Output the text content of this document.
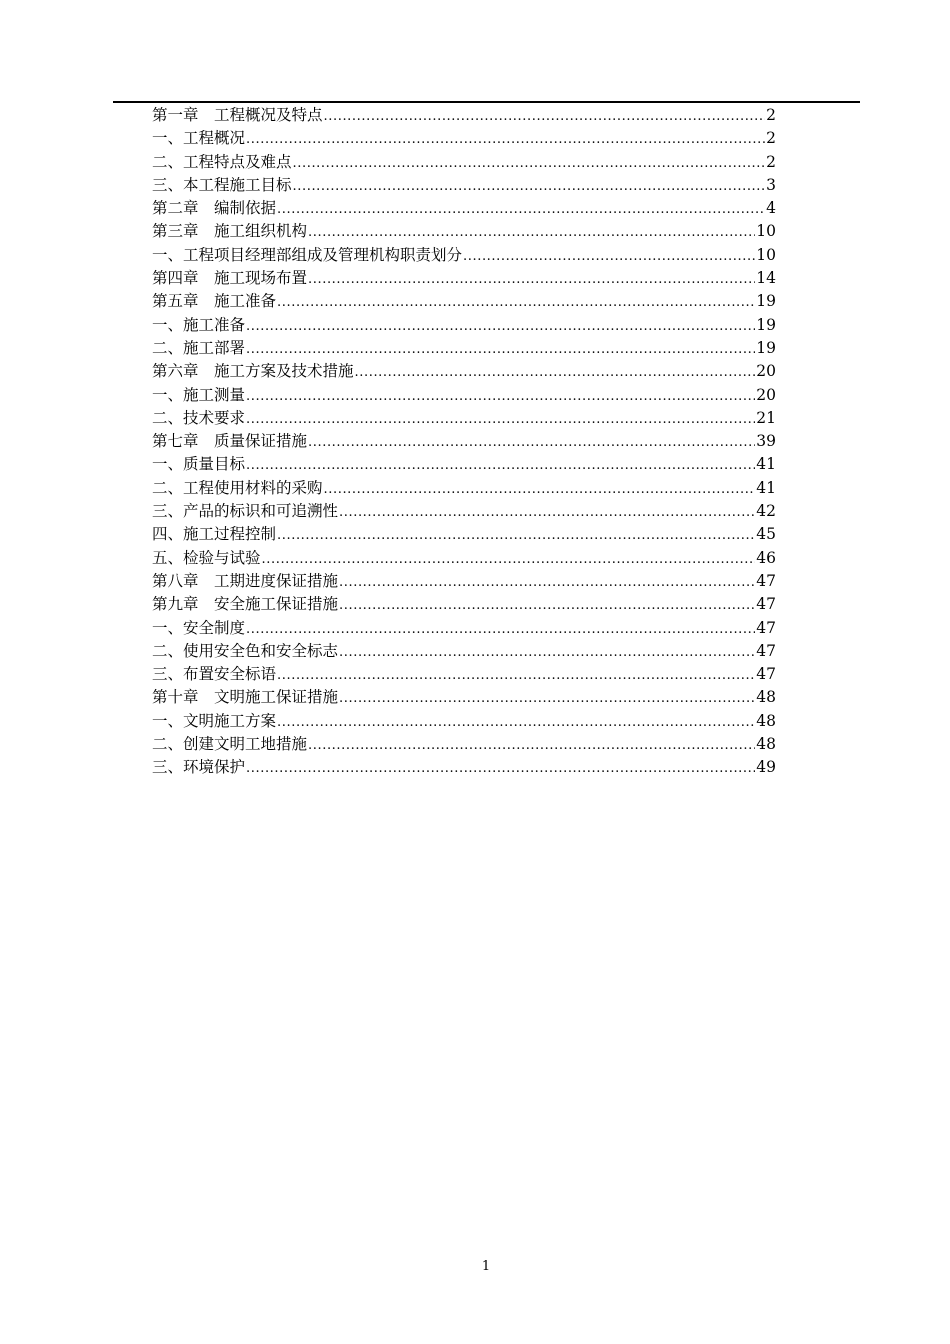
第一章　工程概况及特点 .....	2
一、工程概况 .....	2
二、工程特点及难点 .....	2
三、本工程施工目标 .....	3
第二章　编制依据 .....	4
第三章　施工组织机构 .....	10
一、工程项目经理部组成及管理机构职责划分 .....	10
第四章　施工现场布置 .....	14
第五章　施工准备 .....	19
一、施工准备 .....	19
二、施工部署 .....	19
第六章　施工方案及技术措施 .....	20
一、施工测量 .....	20
二、技术要求 .....	21
第七章　质量保证措施 .....	39
一、质量目标 .....	41
二、工程使用材料的采购 .....	41
三、产品的标识和可追溯性 .....	42
四、施工过程控制 .....	45
五、检验与试验 .....	46
第八章　工期进度保证措施 .....	47
第九章　安全施工保证措施 .....	47
一、安全制度 .....	47
二、使用安全色和安全标志 .....	47
三、布置安全标语 .....	47
第十章　文明施工保证措施 .....	48
一、文明施工方案 .....	48
二、创建文明工地措施 .....	48
三、环境保护 .....	49
1
